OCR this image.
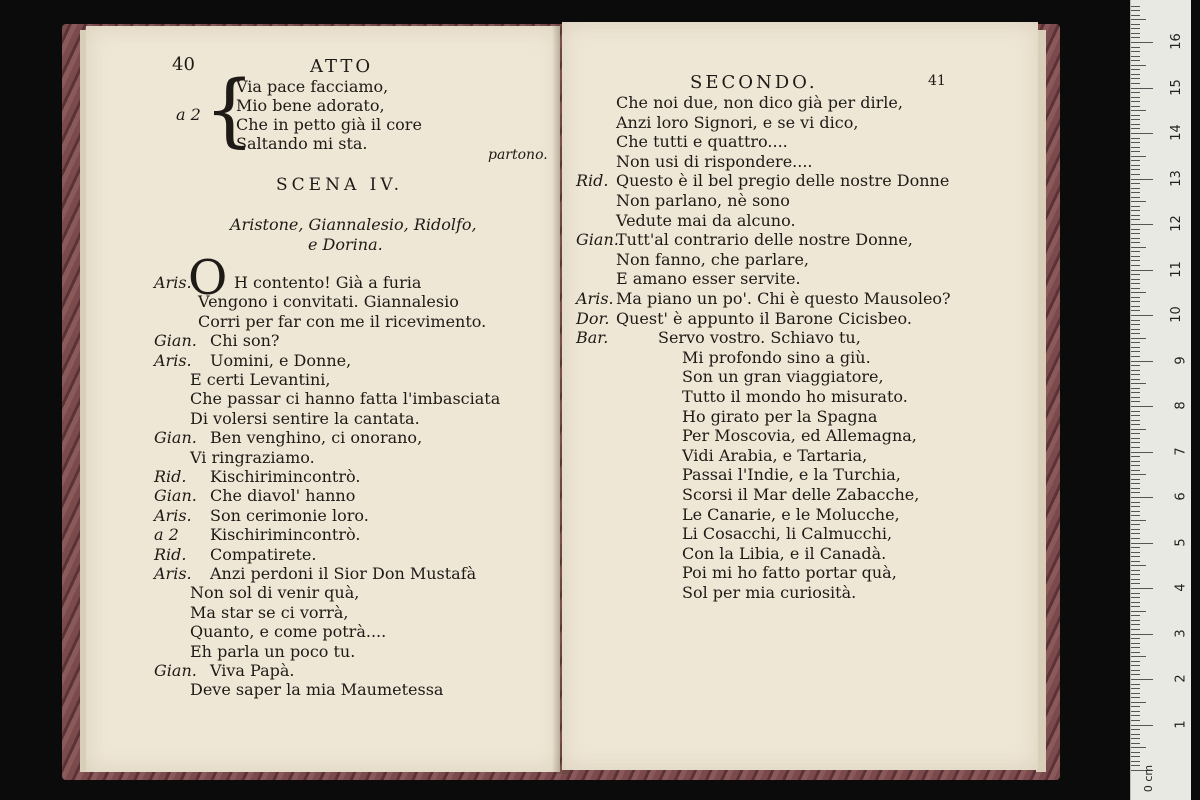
40	ATTO
a 2 {
Via pace facciamo,
Mio bene adorato,
Che in petto già il core
Saltando mi sta.
partono.
SCENA IV.
Aristone, Giannalesio, Ridolfo,
e Dorina.
O
Aris.	H contento! Già a furia
Vengono i convitati. Giannalesio
Corri per far con me il ricevimento.
Gian. Chi son?
Aris. Uomini, e Donne,
E certi Levantini,
Che passar ci hanno fatta l'imbasciata
Di volersi sentire la cantata.
Gian. Ben venghino, ci onorano,
Vi ringraziamo.
Rid. Kischirimincontrò.
Gian. Che diavol' hanno
Aris. Son cerimonie loro.
a 2 Kischirimincontrò.
Rid. Compatirete.
Aris. Anzi perdoni il Sior Don Mustafà
Non sol di venir quà,
Ma star se ci vorrà,
Quanto, e come potrà....
Eh parla un poco tu.
Gian. Viva Papà.
Deve saper la mia Maumetessa
SECONDO.	41
Che noi due, non dico già per dirle,
Anzi loro Signori, e se vi dico,
Che tutti e quattro....
Non usi di rispondere....
Rid. Questo è il bel pregio delle nostre Donne
Non parlano, nè sono
Vedute mai da alcuno.
Gian.
Tutt'al contrario delle nostre Donne,
Non fanno, che parlare,
E amano esser servite.
Aris. Ma piano un po'. Chi è questo Mausoleo?
Dor. Quest' è appunto il Barone Cicisbeo.
Bar.	Servo vostro. Schiavo tu,
Mi profondo sino a giù.
Son un gran viaggiatore,
Tutto il mondo ho misurato.
Ho girato per la Spagna
Per Moscovia, ed Allemagna,
Vidi Arabia, e Tartaria,
Passai l'Indie, e la Turchia,
Scorsi il Mar delle Zabacche,
Le Canarie, e le Molucche,
Li Cosacchi, li Calmucchi,
Con la Libia, e il Canadà.
Poi mi ho fatto portar quà,
Sol per mia curiosità.
1
2
3
4
5
6
7
8
9
10
11
12
13
14
15
16
0 cm
